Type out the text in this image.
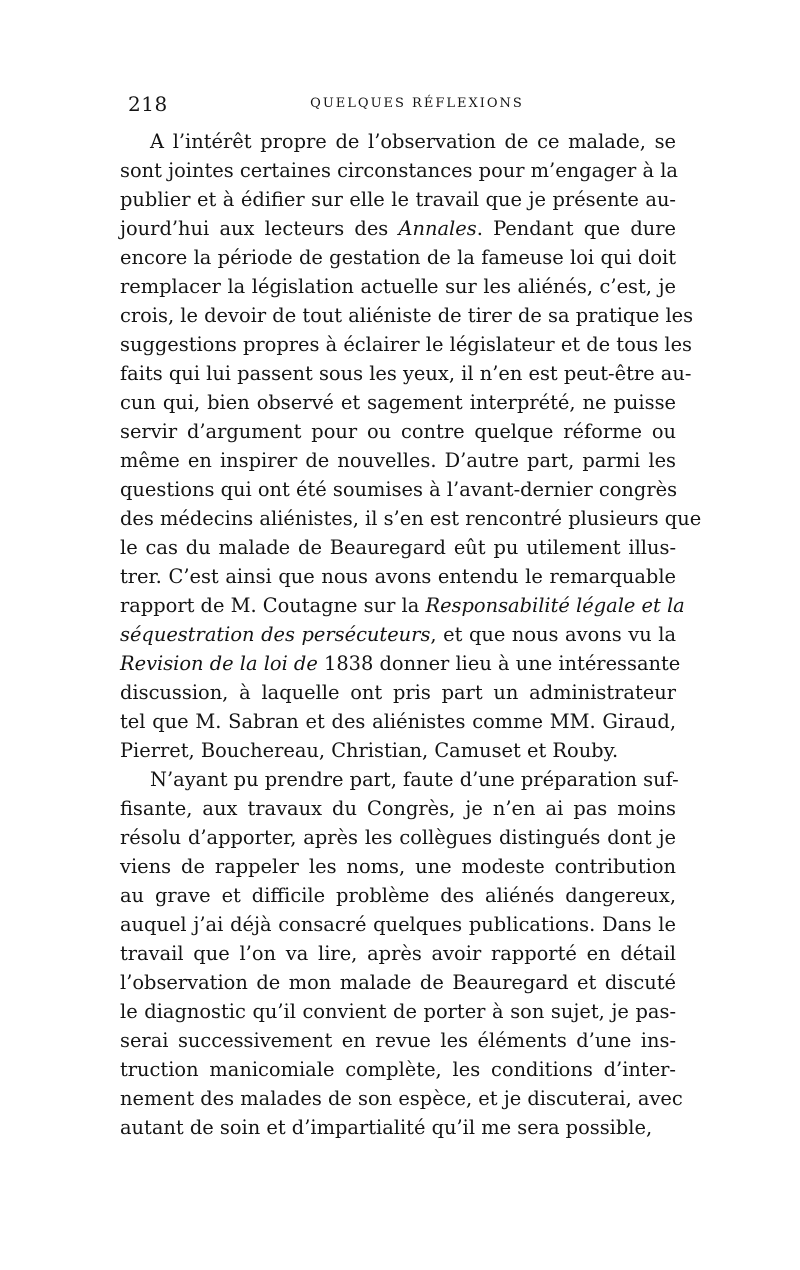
218	QUELQUES RÉFLEXIONS
A l’intérêt propre de l’observation de ce malade, se
sont jointes certaines circonstances pour m’engager à la
publier et à édifier sur elle le travail que je présente au-
jourd’hui aux lecteurs des Annales. Pendant que dure
encore la période de gestation de la fameuse loi qui doit
remplacer la législation actuelle sur les aliénés, c’est, je
crois, le devoir de tout aliéniste de tirer de sa pratique les
suggestions propres à éclairer le législateur et de tous les
faits qui lui passent sous les yeux, il n’en est peut-être au-
cun qui, bien observé et sagement interprété, ne puisse
servir d’argument pour ou contre quelque réforme ou
même en inspirer de nouvelles. D’autre part, parmi les
questions qui ont été soumises à l’avant-dernier congrès
des médecins aliénistes, il s’en est rencontré plusieurs que
le cas du malade de Beauregard eût pu utilement illus-
trer. C’est ainsi que nous avons entendu le remarquable
rapport de M. Coutagne sur la Responsabilité légale et la
séquestration des persécuteurs, et que nous avons vu la
Revision de la loi de 1838 donner lieu à une intéressante
discussion, à laquelle ont pris part un administrateur
tel que M. Sabran et des aliénistes comme MM. Giraud,
Pierret, Bouchereau, Christian, Camuset et Rouby.
N’ayant pu prendre part, faute d’une préparation suf-
fisante, aux travaux du Congrès, je n’en ai pas moins
résolu d’apporter, après les collègues distingués dont je
viens de rappeler les noms, une modeste contribution
au grave et difficile problème des aliénés dangereux,
auquel j’ai déjà consacré quelques publications. Dans le
travail que l’on va lire, après avoir rapporté en détail
l’observation de mon malade de Beauregard et discuté
le diagnostic qu’il convient de porter à son sujet, je pas-
serai successivement en revue les éléments d’une ins-
truction manicomiale complète, les conditions d’inter-
nement des malades de son espèce, et je discuterai, avec
autant de soin et d’impartialité qu’il me sera possible,
